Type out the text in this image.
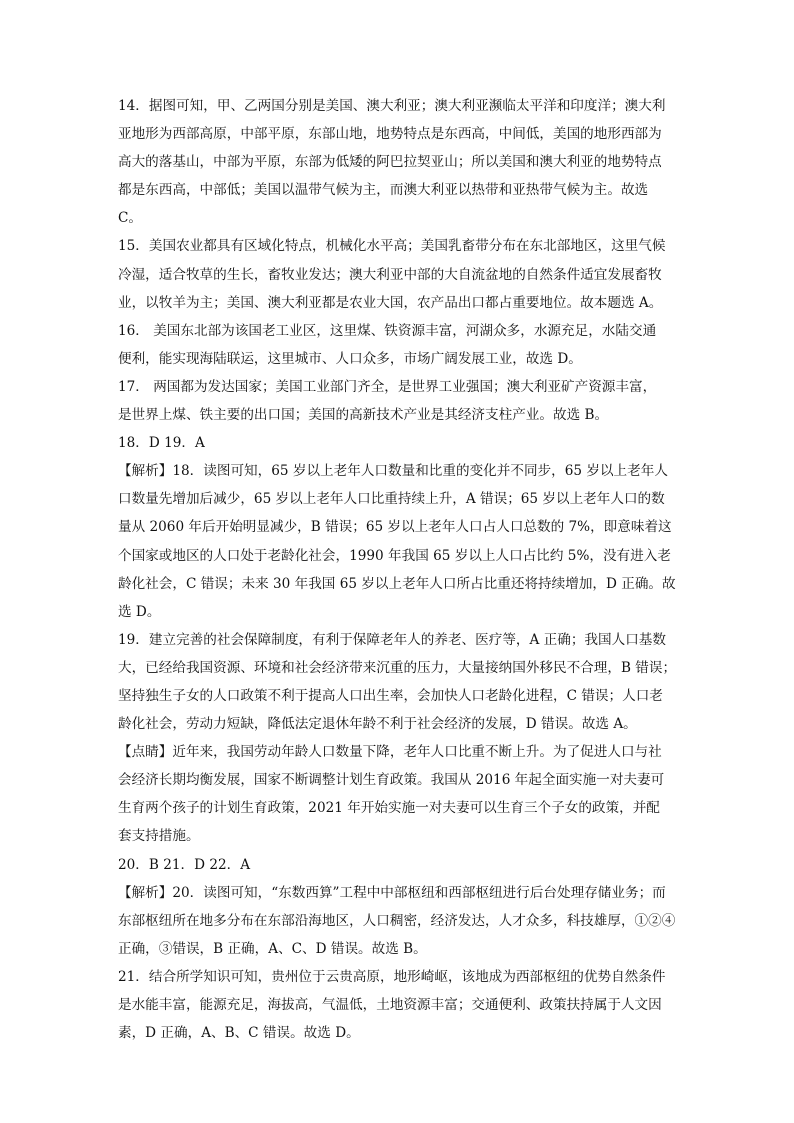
14．据图可知，甲、乙两国分别是美国、澳大利亚；澳大利亚濒临太平洋和印度洋；澳大利
亚地形为西部高原，中部平原，东部山地，地势特点是东西高，中间低，美国的地形西部为
高大的落基山，中部为平原，东部为低矮的阿巴拉契亚山；所以美国和澳大利亚的地势特点
都是东西高，中部低；美国以温带气候为主，而澳大利亚以热带和亚热带气候为主。故选
C。
15．美国农业都具有区域化特点，机械化水平高；美国乳畜带分布在东北部地区，这里气候
冷湿，适合牧草的生长，畜牧业发达；澳大利亚中部的大自流盆地的自然条件适宜发展畜牧
业，以牧羊为主；美国、澳大利亚都是农业大国，农产品出口都占重要地位。故本题选 A。
16． 美国东北部为该国老工业区，这里煤、铁资源丰富，河湖众多，水源充足，水陆交通
便利，能实现海陆联运，这里城市、人口众多，市场广阔发展工业，故选 D。
17． 两国都为发达国家；美国工业部门齐全，是世界工业强国；澳大利亚矿产资源丰富，
是世界上煤、铁主要的出口国；美国的高新技术产业是其经济支柱产业。故选 B。
18．D 19．A
【解析】18．读图可知，65 岁以上老年人口数量和比重的变化并不同步，65 岁以上老年人
口数量先增加后减少，65 岁以上老年人口比重持续上升，A 错误；65 岁以上老年人口的数
量从 2060 年后开始明显减少，B 错误；65 岁以上老年人口占人口总数的 7%，即意味着这
个国家或地区的人口处于老龄化社会，1990 年我国 65 岁以上人口占比约 5%，没有进入老
龄化社会，C 错误；未来 30 年我国 65 岁以上老年人口所占比重还将持续增加，D 正确。故
选 D。
19．建立完善的社会保障制度，有利于保障老年人的养老、医疗等，A 正确；我国人口基数
大，已经给我国资源、环境和社会经济带来沉重的压力，大量接纳国外移民不合理，B 错误；
坚持独生子女的人口政策不利于提高人口出生率，会加快人口老龄化进程，C 错误；人口老
龄化社会，劳动力短缺，降低法定退休年龄不利于社会经济的发展，D 错误。故选 A。
【点睛】近年来，我国劳动年龄人口数量下降，老年人口比重不断上升。为了促进人口与社
会经济长期均衡发展，国家不断调整计划生育政策。我国从 2016 年起全面实施一对夫妻可
生育两个孩子的计划生育政策，2021 年开始实施一对夫妻可以生育三个子女的政策，并配
套支持措施。
20．B 21．D 22．A
【解析】20．读图可知，“东数西算”工程中中部枢纽和西部枢纽进行后台处理存储业务；而
东部枢纽所在地多分布在东部沿海地区，人口稠密，经济发达，人才众多，科技雄厚，①②④
正确，③错误，B 正确，A、C、D 错误。故选 B。
21．结合所学知识可知，贵州位于云贵高原，地形崎岖，该地成为西部枢纽的优势自然条件
是水能丰富，能源充足，海拔高，气温低，土地资源丰富；交通便利、政策扶持属于人文因
素，D 正确，A、B、C 错误。故选 D。
